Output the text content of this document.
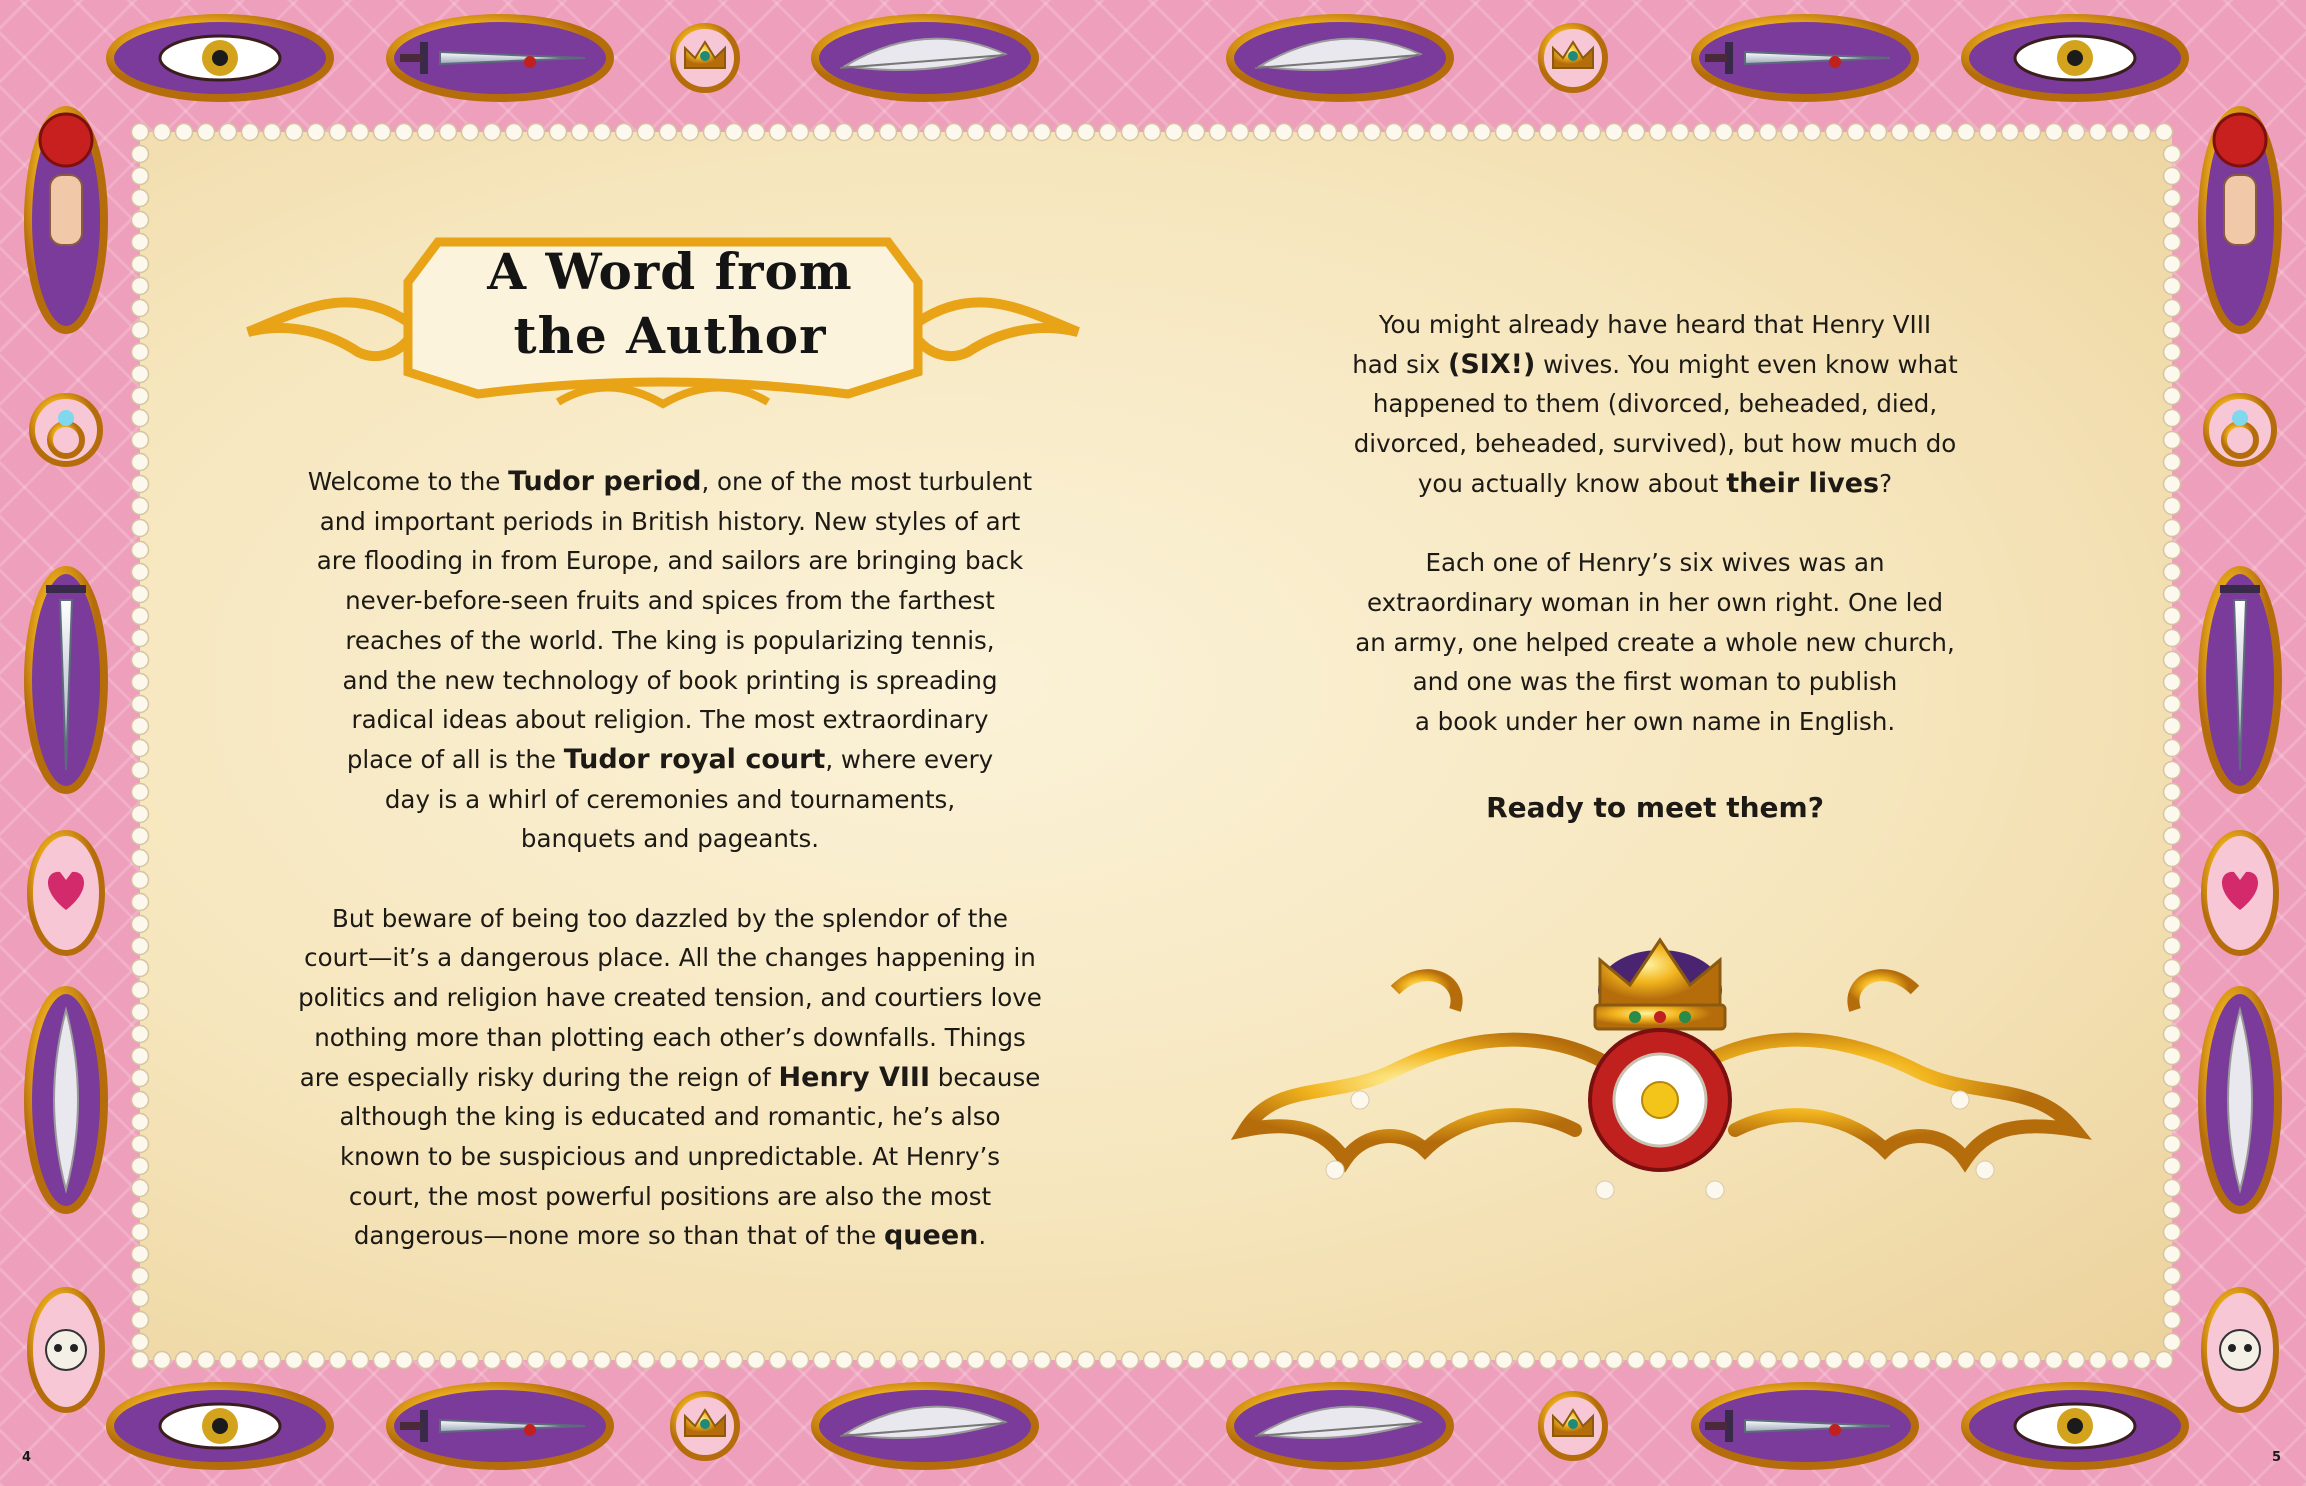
A Word from
the Author

Welcome to the Tudor period, one of the most turbulent
and important periods in British history. New styles of art
are flooding in from Europe, and sailors are bringing back
never-before-seen fruits and spices from the farthest
reaches of the world. The king is popularizing tennis,
and the new technology of book printing is spreading
radical ideas about religion. The most extraordinary
place of all is the Tudor royal court, where every
day is a whirl of ceremonies and tournaments,
banquets and pageants.

But beware of being too dazzled by the splendor of the
court—it’s a dangerous place. All the changes happening in
politics and religion have created tension, and courtiers love
nothing more than plotting each other’s downfalls. Things
are especially risky during the reign of Henry VIII because
although the king is educated and romantic, he’s also
known to be suspicious and unpredictable. At Henry’s
court, the most powerful positions are also the most
dangerous—none more so than that of the queen.

You might already have heard that Henry VIII
had six (SIX!) wives. You might even know what
happened to them (divorced, beheaded, died,
divorced, beheaded, survived), but how much do
you actually know about their lives?

Each one of Henry’s six wives was an
extraordinary woman in her own right. One led
an army, one helped create a whole new church,
and one was the first woman to publish
a book under her own name in English.

Ready to meet them?
4	5
